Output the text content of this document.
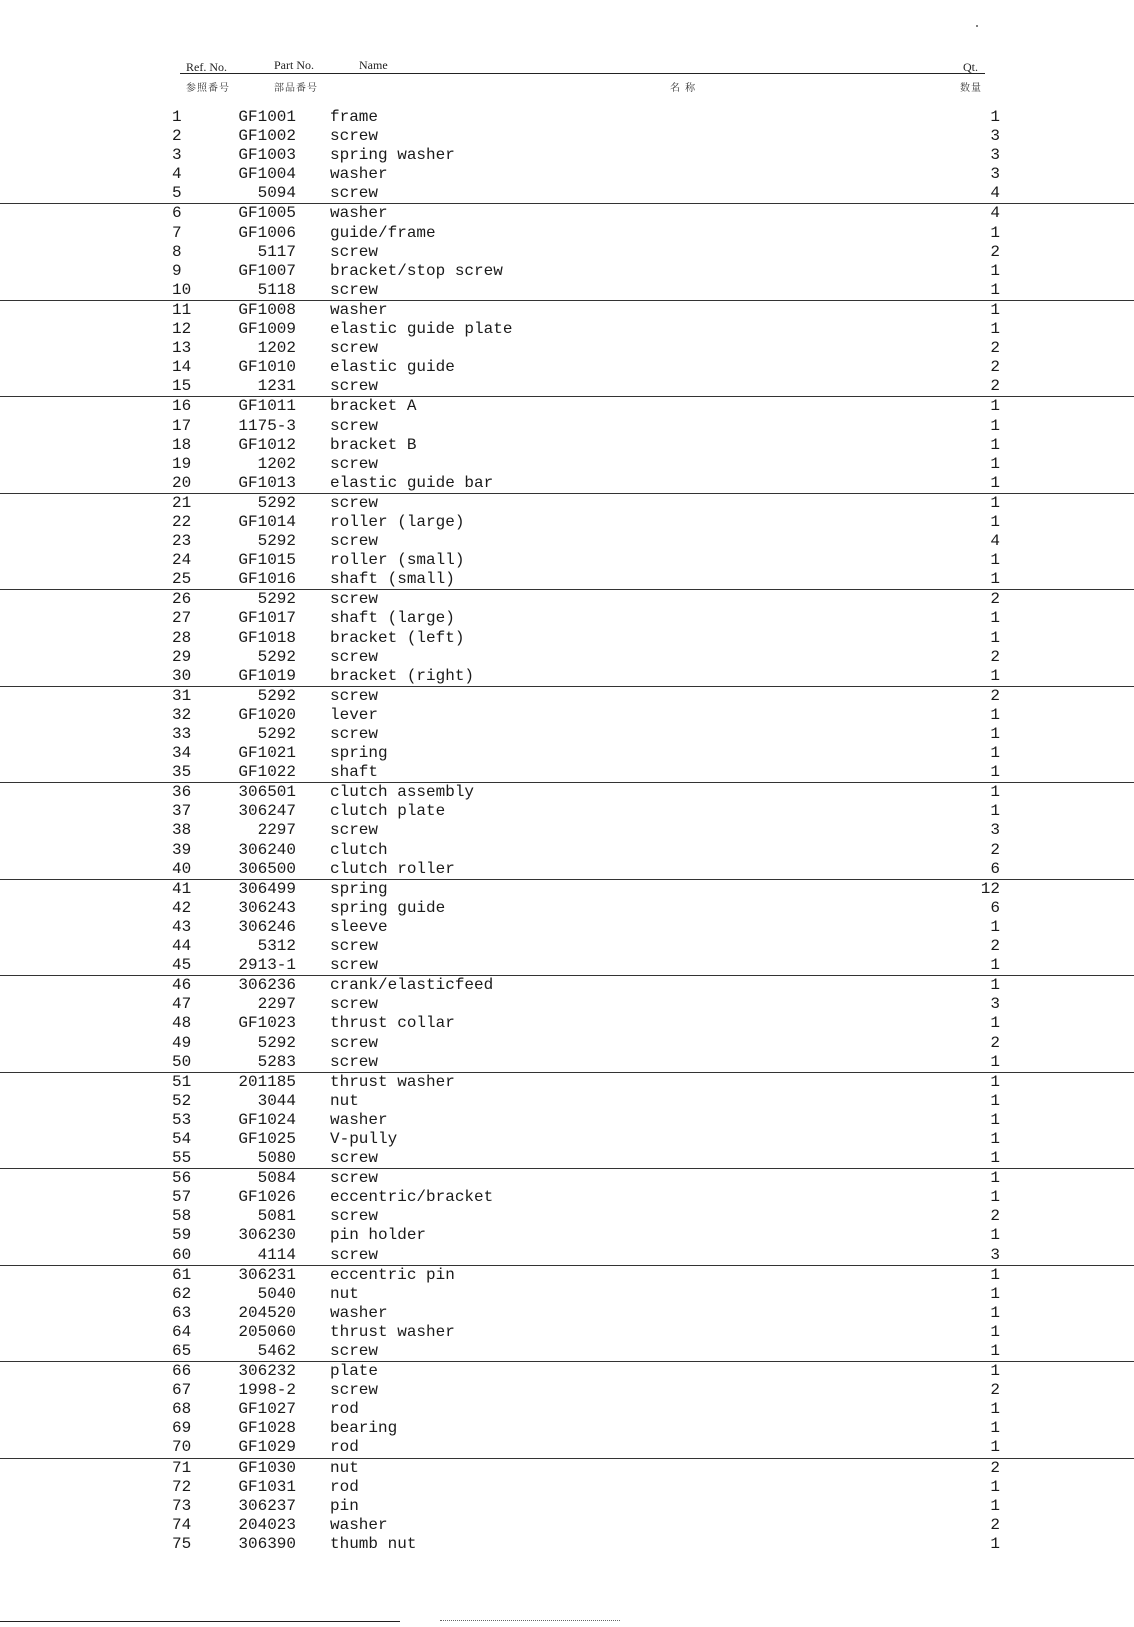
Ref. No.	Part No.	Name	Qt.
参照番号	部品番号	名 称	数量
1	GF1001 frame	1
2	GF1002 screw	3
3	GF1003 spring washer	3
4	GF1004 washer	3
5	5094 screw	4
6	GF1005 washer	4
7	GF1006 guide/frame	1
8	5117 screw	2
9	GF1007 bracket/stop screw	1
10	5118 screw	1
11	GF1008 washer	1
12	GF1009 elastic guide plate	1
13	1202 screw	2
14	GF1010 elastic guide	2
15	1231 screw	2
16	GF1011 bracket A	1
17	1175-3 screw	1
18	GF1012 bracket B	1
19	1202 screw	1
20	GF1013 elastic guide bar	1
21	5292 screw	1
22	GF1014 roller (large)	1
23	5292 screw	4
24	GF1015 roller (small)	1
25	GF1016 shaft (small)	1
26	5292 screw	2
27	GF1017 shaft (large)	1
28	GF1018 bracket (left)	1
29	5292 screw	2
30	GF1019 bracket (right)	1
31	5292 screw	2
32	GF1020 lever	1
33	5292 screw	1
34	GF1021 spring	1
35	GF1022 shaft	1
36	306501 clutch assembly	1
37	306247 clutch plate	1
38	2297 screw	3
39	306240 clutch	2
40	306500 clutch roller	6
41	306499 spring	12
42	306243 spring guide	6
43	306246 sleeve	1
44	5312 screw	2
45	2913-1 screw	1
46	306236 crank/elasticfeed	1
47	2297 screw	3
48	GF1023 thrust collar	1
49	5292 screw	2
50	5283 screw	1
51	201185 thrust washer	1
52	3044 nut	1
53	GF1024 washer	1
54	GF1025 V-pully	1
55	5080 screw	1
56	5084 screw	1
57	GF1026 eccentric/bracket	1
58	5081 screw	2
59	306230 pin holder	1
60	4114 screw	3
61	306231 eccentric pin	1
62	5040 nut	1
63	204520 washer	1
64	205060 thrust washer	1
65	5462 screw	1
66	306232 plate	1
67	1998-2 screw	2
68	GF1027 rod	1
69	GF1028 bearing	1
70	GF1029 rod	1
71	GF1030 nut	2
72	GF1031 rod	1
73	306237 pin	1
74	204023 washer	2
75	306390 thumb nut	1
